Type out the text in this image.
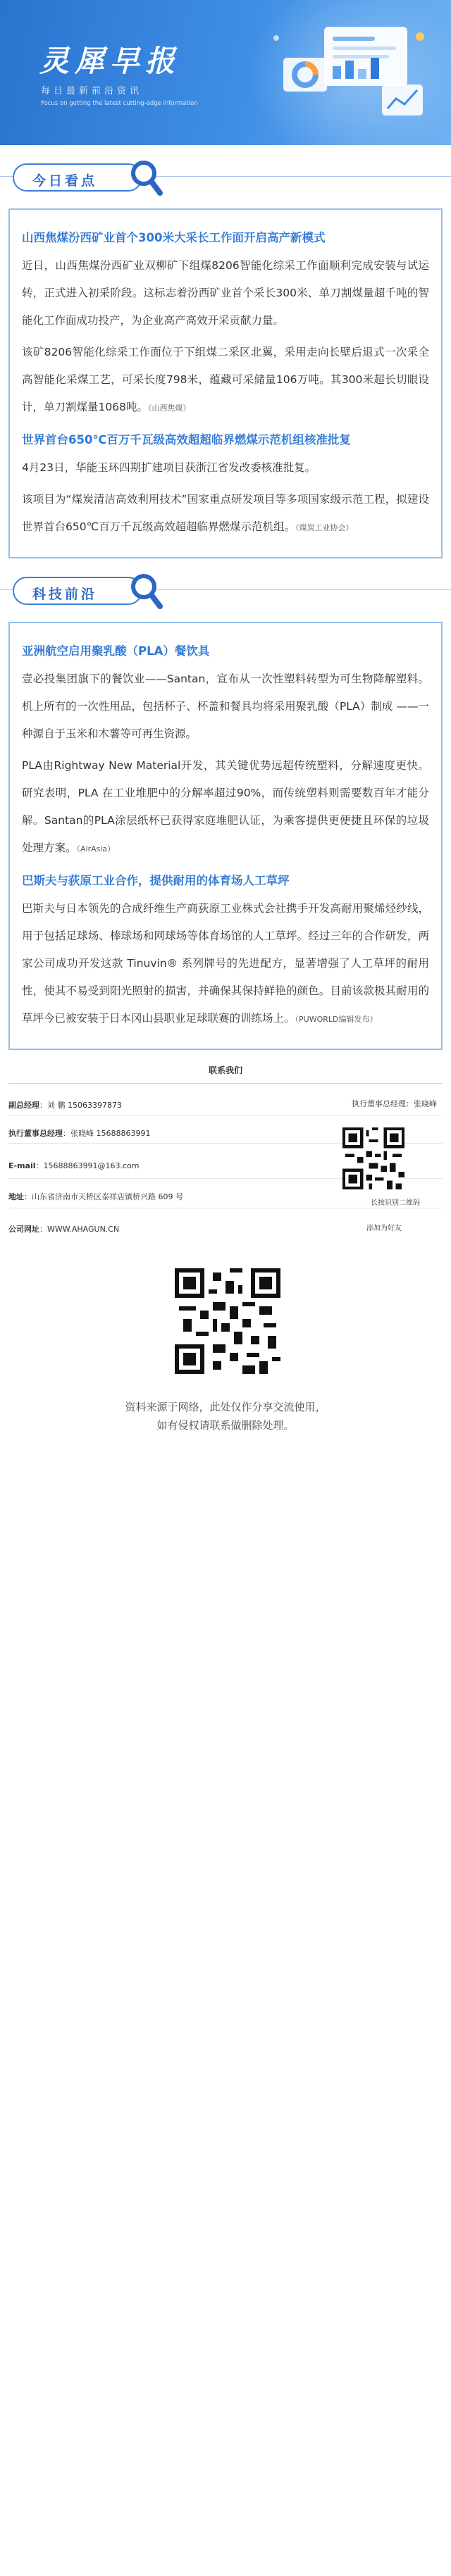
灵犀早报
每日最新前沿资讯
Focus on getting the latest cutting-edge information
今日看点
山西焦煤汾西矿业首个300米大采长工作面开启高产新模式
近日，山西焦煤汾西矿业双柳矿下组煤8206智能化综采工作面顺利完成安装与试运转，正式进入初采阶段。这标志着汾西矿业首个采长300米、单刀割煤量超千吨的智能化工作面成功投产，为企业高产高效开采贡献力量。
该矿8206智能化综采工作面位于下组煤二采区北翼，采用走向长壁后退式一次采全高智能化采煤工艺，可采长度798米，蕴藏可采储量106万吨。其300米超长切眼设计，单刀割煤量1068吨。（山西焦煤）
世界首台650℃百万千瓦级高效超超临界燃煤示范机组核准批复
4月23日，华能玉环四期扩建项目获浙江省发改委核准批复。
该项目为“煤炭清洁高效利用技术”国家重点研发项目等多项国家级示范工程，拟建设世界首台650℃百万千瓦级高效超超临界燃煤示范机组。（煤炭工业协会）
科技前沿
亚洲航空启用聚乳酸（PLA）餐饮具
壹必投集团旗下的餐饮业——Santan，宣布从一次性塑料转型为可生物降解塑料。机上所有的一次性用品，包括杯子、杯盖和餐具均将采用聚乳酸（PLA）制成 ——一种源自于玉米和木薯等可再生资源。
PLA由Rightway New Material开发，其关键优势远超传统塑料，分解速度更快。研究表明，PLA 在工业堆肥中的分解率超过90%，而传统塑料则需要数百年才能分解。Santan的PLA涂层纸杯已获得家庭堆肥认证，为乘客提供更便捷且环保的垃圾处理方案。（AirAsia）
巴斯夫与荻原工业合作，提供耐用的体育场人工草坪
巴斯夫与日本领先的合成纤维生产商荻原工业株式会社携手开发高耐用聚烯烃纱线，用于包括足球场、棒球场和网球场等体育场馆的人工草坪。经过三年的合作研发，两家公司成功开发这款 Tinuvin® 系列牌号的先进配方，显著增强了人工草坪的耐用性，使其不易受到阳光照射的损害，并确保其保持鲜艳的颜色。目前该款极其耐用的草坪今已被安装于日本冈山县职业足球联赛的训练场上。（PUWORLD编辑发布）
联系我们
副总经理：刘 鹏 15063397873
执行董事总经理：张晓峰 15688863991
E-mail：15688863991@163.com
地址：山东省济南市天桥区泰祥店镇桥兴路 609 号
公司网址：WWW.AHAGUN.CN
执行董事总经理：张晓峰
长按识别二维码
添加为好友
资料来源于网络，此处仅作分享交流使用，
如有侵权请联系做删除处理。
